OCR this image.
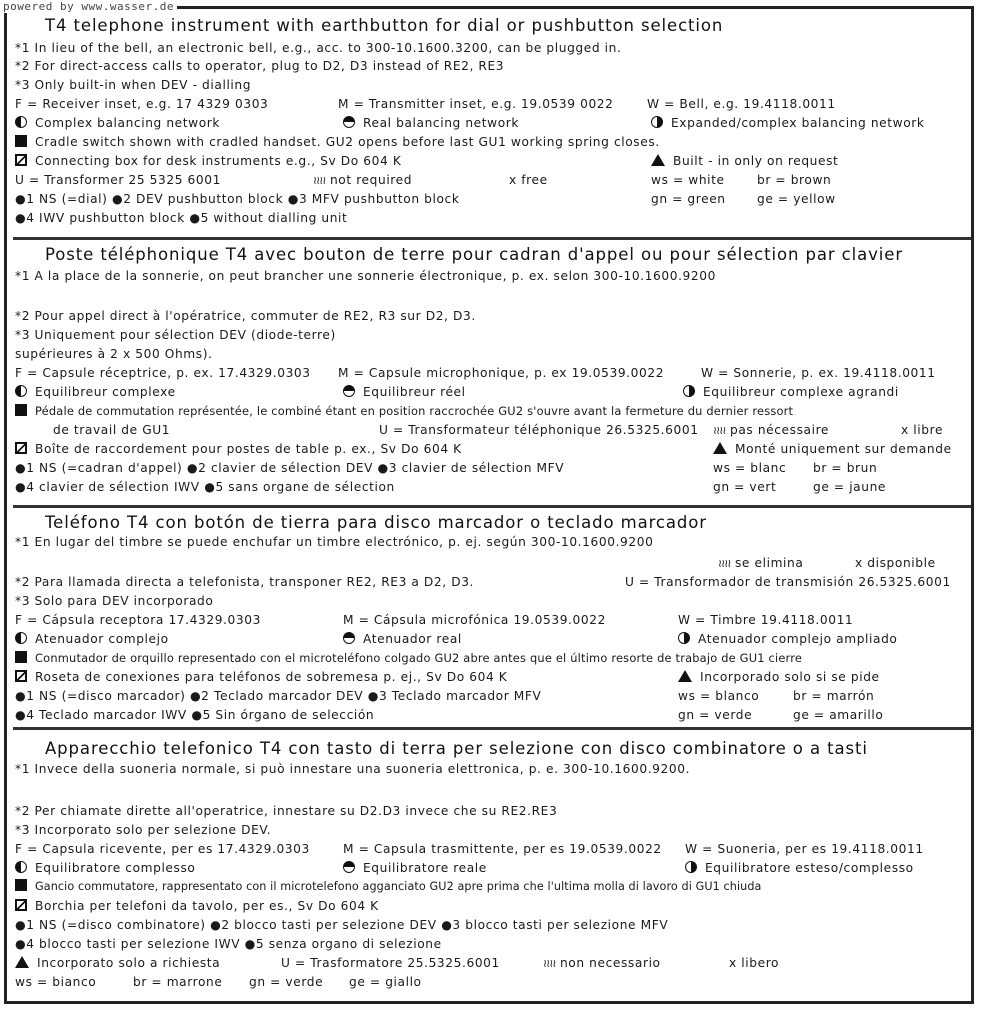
powered by www.wasser.de
T4 telephone instrument with earthbutton for dial or pushbutton selection
*1 In lieu of the bell, an electronic bell, e.g., acc. to 300-10.1600.3200, can be plugged in.
*2 For direct-access calls to operator, plug to D2, D3 instead of RE2, RE3
*3 Only built-in when DEV - dialling
F = Receiver inset, e.g. 17 4329 0303	M = Transmitter inset, e.g. 19.0539 0022	W = Bell, e.g. 19.4118.0011
Complex balancing network	Real balancing network	Expanded/complex balancing network
Cradle switch shown with cradled handset. GU2 opens before last GU1 working spring closes.
Connecting box for desk instruments e.g., Sv Do 604 K	Built - in only on request
U = Transformer 25 5325 6001	≀≀≀≀ not required	x free	ws = white	br = brown
●1 NS (=dial) ●2 DEV pushbutton block ●3 MFV pushbutton block	gn = green	ge = yellow
●4 IWV pushbutton block ●5 without dialling unit
Poste téléphonique T4 avec bouton de terre pour cadran d'appel ou pour sélection par clavier
*1 A la place de la sonnerie, on peut brancher une sonnerie électronique, p. ex. selon 300-10.1600.9200
*2 Pour appel direct à l'opératrice, commuter de RE2, R3 sur D2, D3.
*3 Uniquement pour sélection DEV (diode-terre)
supérieures à 2 x 500 Ohms).
F = Capsule réceptrice, p. ex. 17.4329.0303 M = Capsule microphonique, p. ex 19.0539.0022	W = Sonnerie, p. ex. 19.4118.0011
Equilibreur complexe	Equilibreur réel	Equilibreur complexe agrandi
Pédale de commutation représentée, le combiné étant en position raccrochée GU2 s'ouvre avant la fermeture du dernier ressort
de travail de GU1	U = Transformateur téléphonique 26.5325.6001 ≀≀≀≀ pas nécessaire	x libre
Boîte de raccordement pour postes de table p. ex., Sv Do 604 K	Monté uniquement sur demande
●1 NS (=cadran d'appel) ●2 clavier de sélection DEV ●3 clavier de sélection MFV	ws = blanc br = brun
●4 clavier de sélection IWV ●5 sans organe de sélection	gn = vert	ge = jaune
Teléfono T4 con botón de tierra para disco marcador o teclado marcador
*1 En lugar del timbre se puede enchufar un timbre electrónico, p. ej. según 300-10.1600.9200
≀≀≀≀ se elimina	x disponible
*2 Para llamada directa a telefonista, transponer RE2, RE3 a D2, D3.	U = Transformador de transmisión 26.5325.6001
*3 Solo para DEV incorporado
F = Cápsula receptora 17.4329.0303	M = Cápsula microfónica 19.0539.0022	W = Timbre 19.4118.0011
Atenuador complejo	Atenuador real	Atenuador complejo ampliado
Conmutador de orquillo representado con el microteléfono colgado GU2 abre antes que el último resorte de trabajo de GU1 cierre
Roseta de conexiones para teléfonos de sobremesa p. ej., Sv Do 604 K	Incorporado solo si se pide
●1 NS (=disco marcador) ●2 Teclado marcador DEV ●3 Teclado marcador MFV	ws = blanco	br = marrón
●4 Teclado marcador IWV ●5 Sin órgano de selección	gn = verde	ge = amarillo
Apparecchio telefonico T4 con tasto di terra per selezione con disco combinatore o a tasti
*1 Invece della suoneria normale, si può innestare una suoneria elettronica, p. e. 300-10.1600.9200.
*2 Per chiamate dirette all'operatrice, innestare su D2.D3 invece che su RE2.RE3
*3 Incorporato solo per selezione DEV.
F = Capsula ricevente, per es 17.4329.0303	M = Capsula trasmittente, per es 19.0539.0022 W = Suoneria, per es 19.4118.0011
Equilibratore complesso	Equilibratore reale	Equilibratore esteso/complesso
Gancio commutatore, rappresentato con il microtelefono agganciato GU2 apre prima che l'ultima molla di lavoro di GU1 chiuda
Borchia per telefoni da tavolo, per es., Sv Do 604 K
●1 NS (=disco combinatore) ●2 blocco tasti per selezione DEV ●3 blocco tasti per selezione MFV
●4 blocco tasti per selezione IWV ●5 senza organo di selezione
Incorporato solo a richiesta	U = Trasformatore 25.5325.6001	≀≀≀≀ non necessario	x libero
ws = bianco	br = marrone gn = verde ge = giallo
